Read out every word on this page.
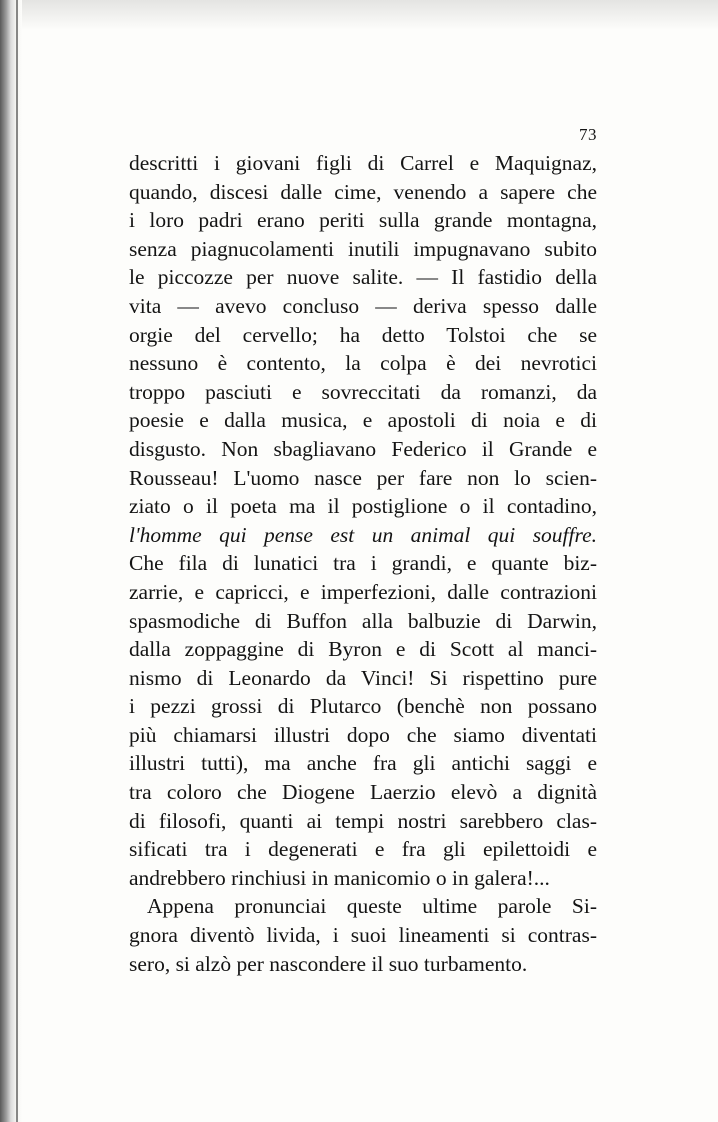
73
descritti i giovani figli di Carrel e Maquignaz,
quando, discesi dalle cime, venendo a sapere che
i loro padri erano periti sulla grande montagna,
senza piagnucolamenti inutili impugnavano subito
le piccozze per nuove salite. — Il fastidio della
vita — avevo concluso — deriva spesso dalle
orgie del cervello; ha detto Tolstoi che se
nessuno è contento, la colpa è dei nevrotici
troppo pasciuti e sovreccitati da romanzi, da
poesie e dalla musica, e apostoli di noia e di
disgusto. Non sbagliavano Federico il Grande e
Rousseau! L'uomo nasce per fare non lo scien-
ziato o il poeta ma il postiglione o il contadino,
l'homme qui pense est un animal qui souffre.
Che fila di lunatici tra i grandi, e quante biz-
zarrie, e capricci, e imperfezioni, dalle contrazioni
spasmodiche di Buffon alla balbuzie di Darwin,
dalla zoppaggine di Byron e di Scott al manci-
nismo di Leonardo da Vinci! Si rispettino pure
i pezzi grossi di Plutarco (benchè non possano
più chiamarsi illustri dopo che siamo diventati
illustri tutti), ma anche fra gli antichi saggi e
tra coloro che Diogene Laerzio elevò a dignità
di filosofi, quanti ai tempi nostri sarebbero clas-
sificati tra i degenerati e fra gli epilettoidi e
andrebbero rinchiusi in manicomio o in galera!...
Appena pronunciai queste ultime parole Si-
gnora diventò livida, i suoi lineamenti si contras-
sero, si alzò per nascondere il suo turbamento.
